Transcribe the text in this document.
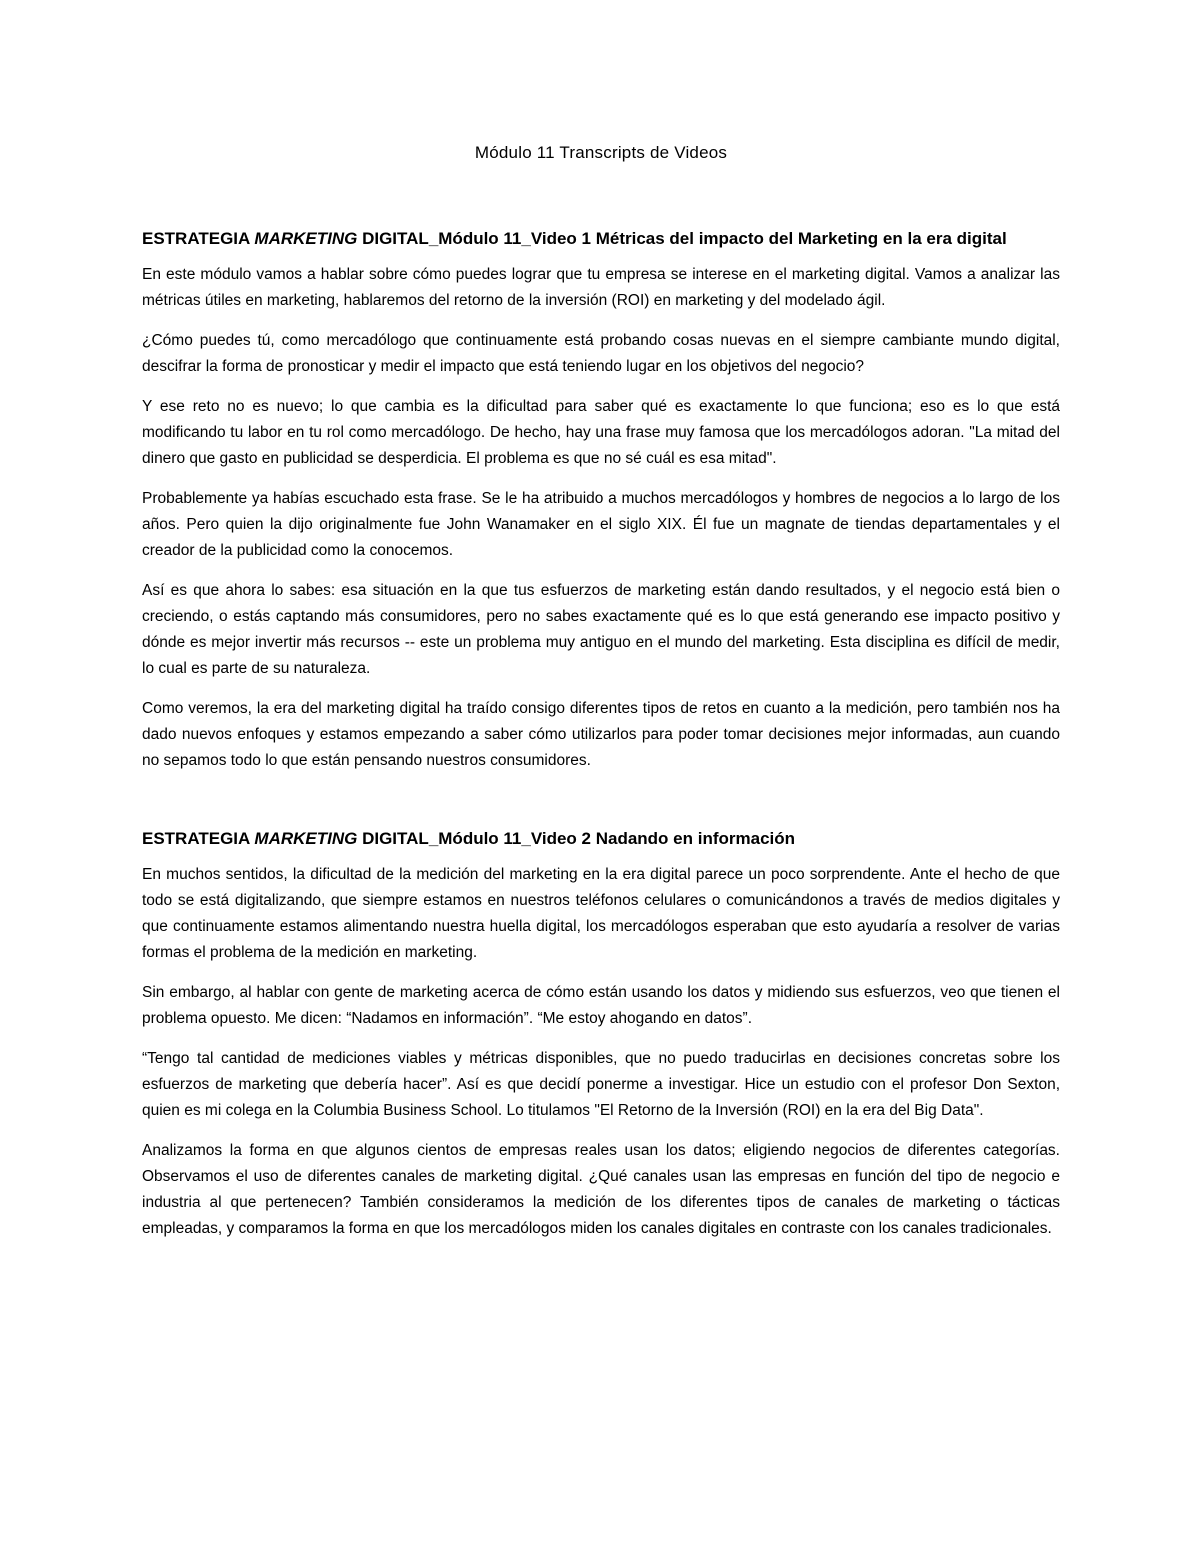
Módulo 11 Transcripts de Videos
ESTRATEGIA MARKETING DIGITAL_Módulo 11_Video 1 Métricas del impacto del Marketing en la era digital

En este módulo vamos a hablar sobre cómo puedes lograr que tu empresa se interese en el marketing digital. Vamos a analizar las métricas útiles en marketing, hablaremos del retorno de la inversión (ROI) en marketing y del modelado ágil.

¿Cómo puedes tú, como mercadólogo que continuamente está probando cosas nuevas en el siempre cambiante mundo digital, descifrar la forma de pronosticar y medir el impacto que está teniendo lugar en los objetivos del negocio?

Y ese reto no es nuevo; lo que cambia es la dificultad para saber qué es exactamente lo que funciona; eso es lo que está modificando tu labor en tu rol como mercadólogo. De hecho, hay una frase muy famosa que los mercadólogos adoran. "La mitad del dinero que gasto en publicidad se desperdicia. El problema es que no sé cuál es esa mitad".

Probablemente ya habías escuchado esta frase. Se le ha atribuido a muchos mercadólogos y hombres de negocios a lo largo de los años. Pero quien la dijo originalmente fue John Wanamaker en el siglo XIX. Él fue un magnate de tiendas departamentales y el creador de la publicidad como la conocemos.

Así es que ahora lo sabes: esa situación en la que tus esfuerzos de marketing están dando resultados, y el negocio está bien o creciendo, o estás captando más consumidores, pero no sabes exactamente qué es lo que está generando ese impacto positivo y dónde es mejor invertir más recursos -- este un problema muy antiguo en el mundo del marketing. Esta disciplina es difícil de medir, lo cual es parte de su naturaleza.

Como veremos, la era del marketing digital ha traído consigo diferentes tipos de retos en cuanto a la medición, pero también nos ha dado nuevos enfoques y estamos empezando a saber cómo utilizarlos para poder tomar decisiones mejor informadas, aun cuando no sepamos todo lo que están pensando nuestros consumidores.

ESTRATEGIA MARKETING DIGITAL_Módulo 11_Video 2 Nadando en información

En muchos sentidos, la dificultad de la medición del marketing en la era digital parece un poco sorprendente. Ante el hecho de que todo se está digitalizando, que siempre estamos en nuestros teléfonos celulares o comunicándonos a través de medios digitales y que continuamente estamos alimentando nuestra huella digital, los mercadólogos esperaban que esto ayudaría a resolver de varias formas el problema de la medición en marketing.

Sin embargo, al hablar con gente de marketing acerca de cómo están usando los datos y midiendo sus esfuerzos, veo que tienen el problema opuesto. Me dicen: “Nadamos en información”. “Me estoy ahogando en datos”.

“Tengo tal cantidad de mediciones viables y métricas disponibles, que no puedo traducirlas en decisiones concretas sobre los esfuerzos de marketing que debería hacer”. Así es que decidí ponerme a investigar. Hice un estudio con el profesor Don Sexton, quien es mi colega en la Columbia Business School. Lo titulamos "El Retorno de la Inversión (ROI) en la era del Big Data".

Analizamos la forma en que algunos cientos de empresas reales usan los datos; eligiendo negocios de diferentes categorías. Observamos el uso de diferentes canales de marketing digital. ¿Qué canales usan las empresas en función del tipo de negocio e industria al que pertenecen? También consideramos la medición de los diferentes tipos de canales de marketing o tácticas empleadas, y comparamos la forma en que los mercadólogos miden los canales digitales en contraste con los canales tradicionales.
